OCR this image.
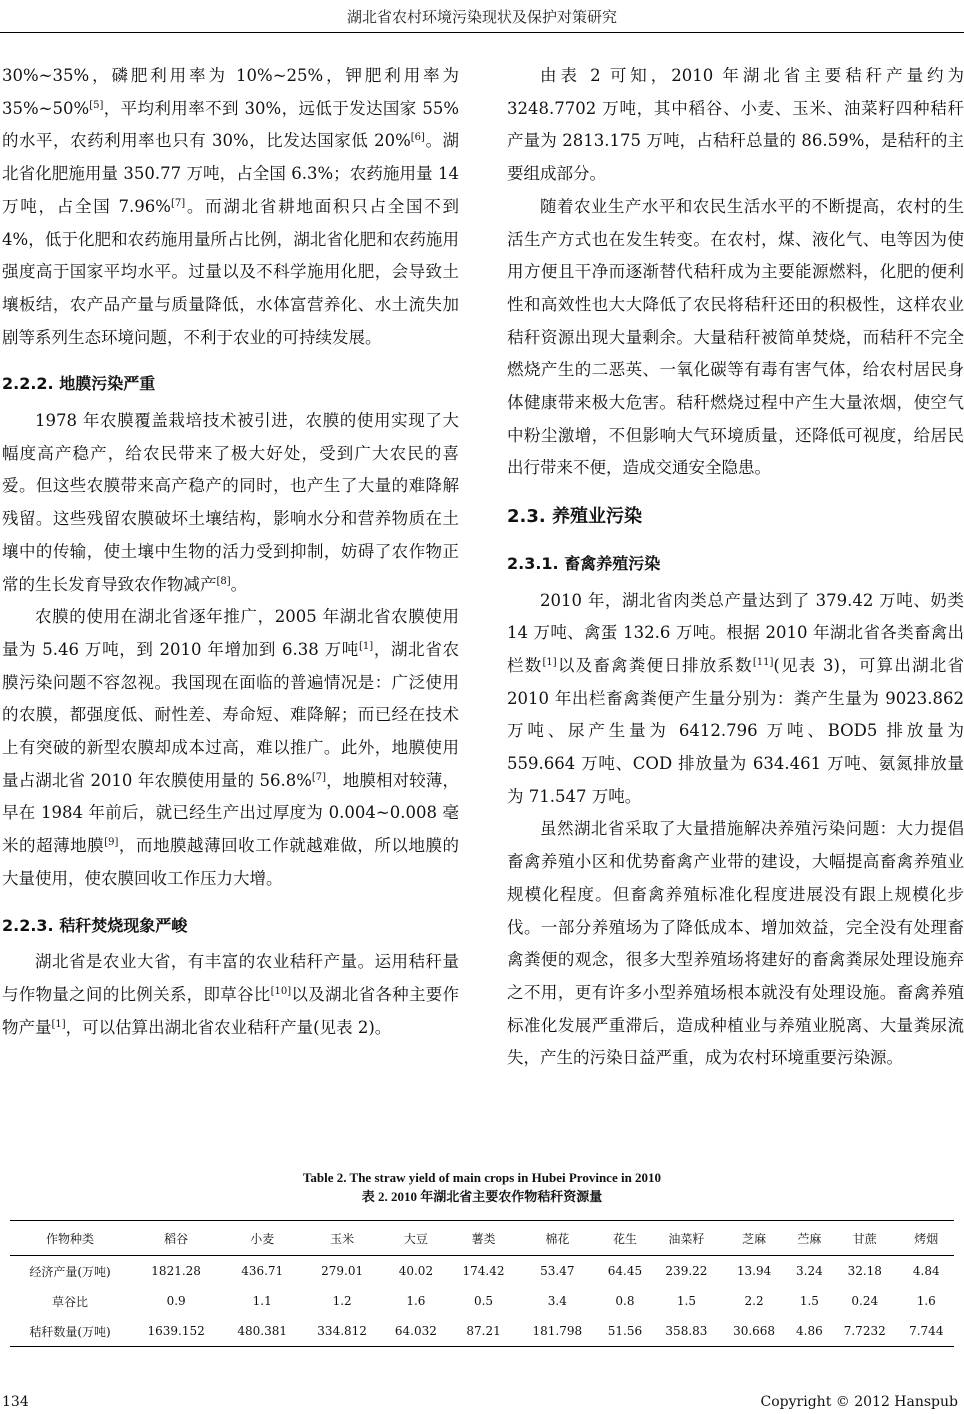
湖北省农村环境污染现状及保护对策研究

30%~35%，磷肥利用率为 10%~25%，钾肥利用率为 35%~50%[5]，平均利用率不到 30%，远低于发达国家 55%的水平，农药利用率也只有 30%，比发达国家低 20%[6]。湖北省化肥施用量 350.77 万吨，占全国 6.3%；农药施用量 14 万吨，占全国 7.96%[7]。而湖北省耕地面积只占全国不到 4%，低于化肥和农药施用量所占比例，湖北省化肥和农药施用强度高于国家平均水平。过量以及不科学施用化肥，会导致土壤板结，农产品产量与质量降低，水体富营养化、水土流失加剧等系列生态环境问题，不利于农业的可持续发展。

2.2.2. 地膜污染严重

1978 年农膜覆盖栽培技术被引进，农膜的使用实现了大幅度高产稳产，给农民带来了极大好处，受到广大农民的喜爱。但这些农膜带来高产稳产的同时，也产生了大量的难降解残留。这些残留农膜破坏土壤结构，影响水分和营养物质在土壤中的传输，使土壤中生物的活力受到抑制，妨碍了农作物正常的生长发育导致农作物减产[8]。

农膜的使用在湖北省逐年推广，2005 年湖北省农膜使用量为 5.46 万吨，到 2010 年增加到 6.38 万吨[1]，湖北省农膜污染问题不容忽视。我国现在面临的普遍情况是：广泛使用的农膜，都强度低、耐性差、寿命短、难降解；而已经在技术上有突破的新型农膜却成本过高，难以推广。此外，地膜使用量占湖北省 2010 年农膜使用量的 56.8%[7]，地膜相对较薄，早在 1984 年前后，就已经生产出过厚度为 0.004~0.008 毫米的超薄地膜[9]，而地膜越薄回收工作就越难做，所以地膜的大量使用，使农膜回收工作压力大增。

2.2.3. 秸秆焚烧现象严峻

湖北省是农业大省，有丰富的农业秸秆产量。运用秸秆量与作物量之间的比例关系，即草谷比[10]以及湖北省各种主要作物产量[1]，可以估算出湖北省农业秸秆产量(见表 2)。

由表 2 可知，2010 年湖北省主要秸秆产量约为 3248.7702 万吨，其中稻谷、小麦、玉米、油菜籽四种秸秆产量为 2813.175 万吨，占秸秆总量的 86.59%，是秸秆的主要组成部分。

随着农业生产水平和农民生活水平的不断提高，农村的生活生产方式也在发生转变。在农村，煤、液化气、电等因为使用方便且干净而逐渐替代秸秆成为主要能源燃料，化肥的便利性和高效性也大大降低了农民将秸秆还田的积极性，这样农业秸秆资源出现大量剩余。大量秸秆被简单焚烧，而秸秆不完全燃烧产生的二恶英、一氧化碳等有毒有害气体，给农村居民身体健康带来极大危害。秸秆燃烧过程中产生大量浓烟，使空气中粉尘激增，不但影响大气环境质量，还降低可视度，给居民出行带来不便，造成交通安全隐患。

2.3. 养殖业污染
2.3.1. 畜禽养殖污染

2010 年，湖北省肉类总产量达到了 379.42 万吨、奶类 14 万吨、禽蛋 132.6 万吨。根据 2010 年湖北省各类畜禽出栏数[1]以及畜禽粪便日排放系数[11](见表 3)，可算出湖北省 2010 年出栏畜禽粪便产生量分别为：粪产生量为 9023.862 万吨、尿产生量为 6412.796 万吨、BOD5 排放量为 559.664 万吨、COD 排放量为 634.461 万吨、氨氮排放量为 71.547 万吨。

虽然湖北省采取了大量措施解决养殖污染问题：大力提倡畜禽养殖小区和优势畜禽产业带的建设，大幅提高畜禽养殖业规模化程度。但畜禽养殖标准化程度进展没有跟上规模化步伐。一部分养殖场为了降低成本、增加效益，完全没有处理畜禽粪便的观念，很多大型养殖场将建好的畜禽粪尿处理设施弃之不用，更有许多小型养殖场根本就没有处理设施。畜禽养殖标准化发展严重滞后，造成种植业与养殖业脱离、大量粪尿流失，产生的污染日益严重，成为农村环境重要污染源。

Table 2. The straw yield of main crops in Hubei Province in 2010
表 2. 2010 年湖北省主要农作物秸秆资源量
作物种类	稻谷	小麦	玉米	大豆	薯类	棉花	花生	油菜籽	芝麻	苎麻	甘蔗	烤烟
经济产量(万吨)	1821.28	436.71	279.01	40.02	174.42	53.47	64.45	239.22	13.94	3.24	32.18	4.84
草谷比	0.9	1.1	1.2	1.6	0.5	3.4	0.8	1.5	2.2	1.5	0.24	1.6
秸秆数量(万吨)	1639.152	480.381	334.812	64.032	87.21	181.798	51.56	358.83	30.668	4.86	7.7232	7.744
134	Copyright © 2012 Hanspub
